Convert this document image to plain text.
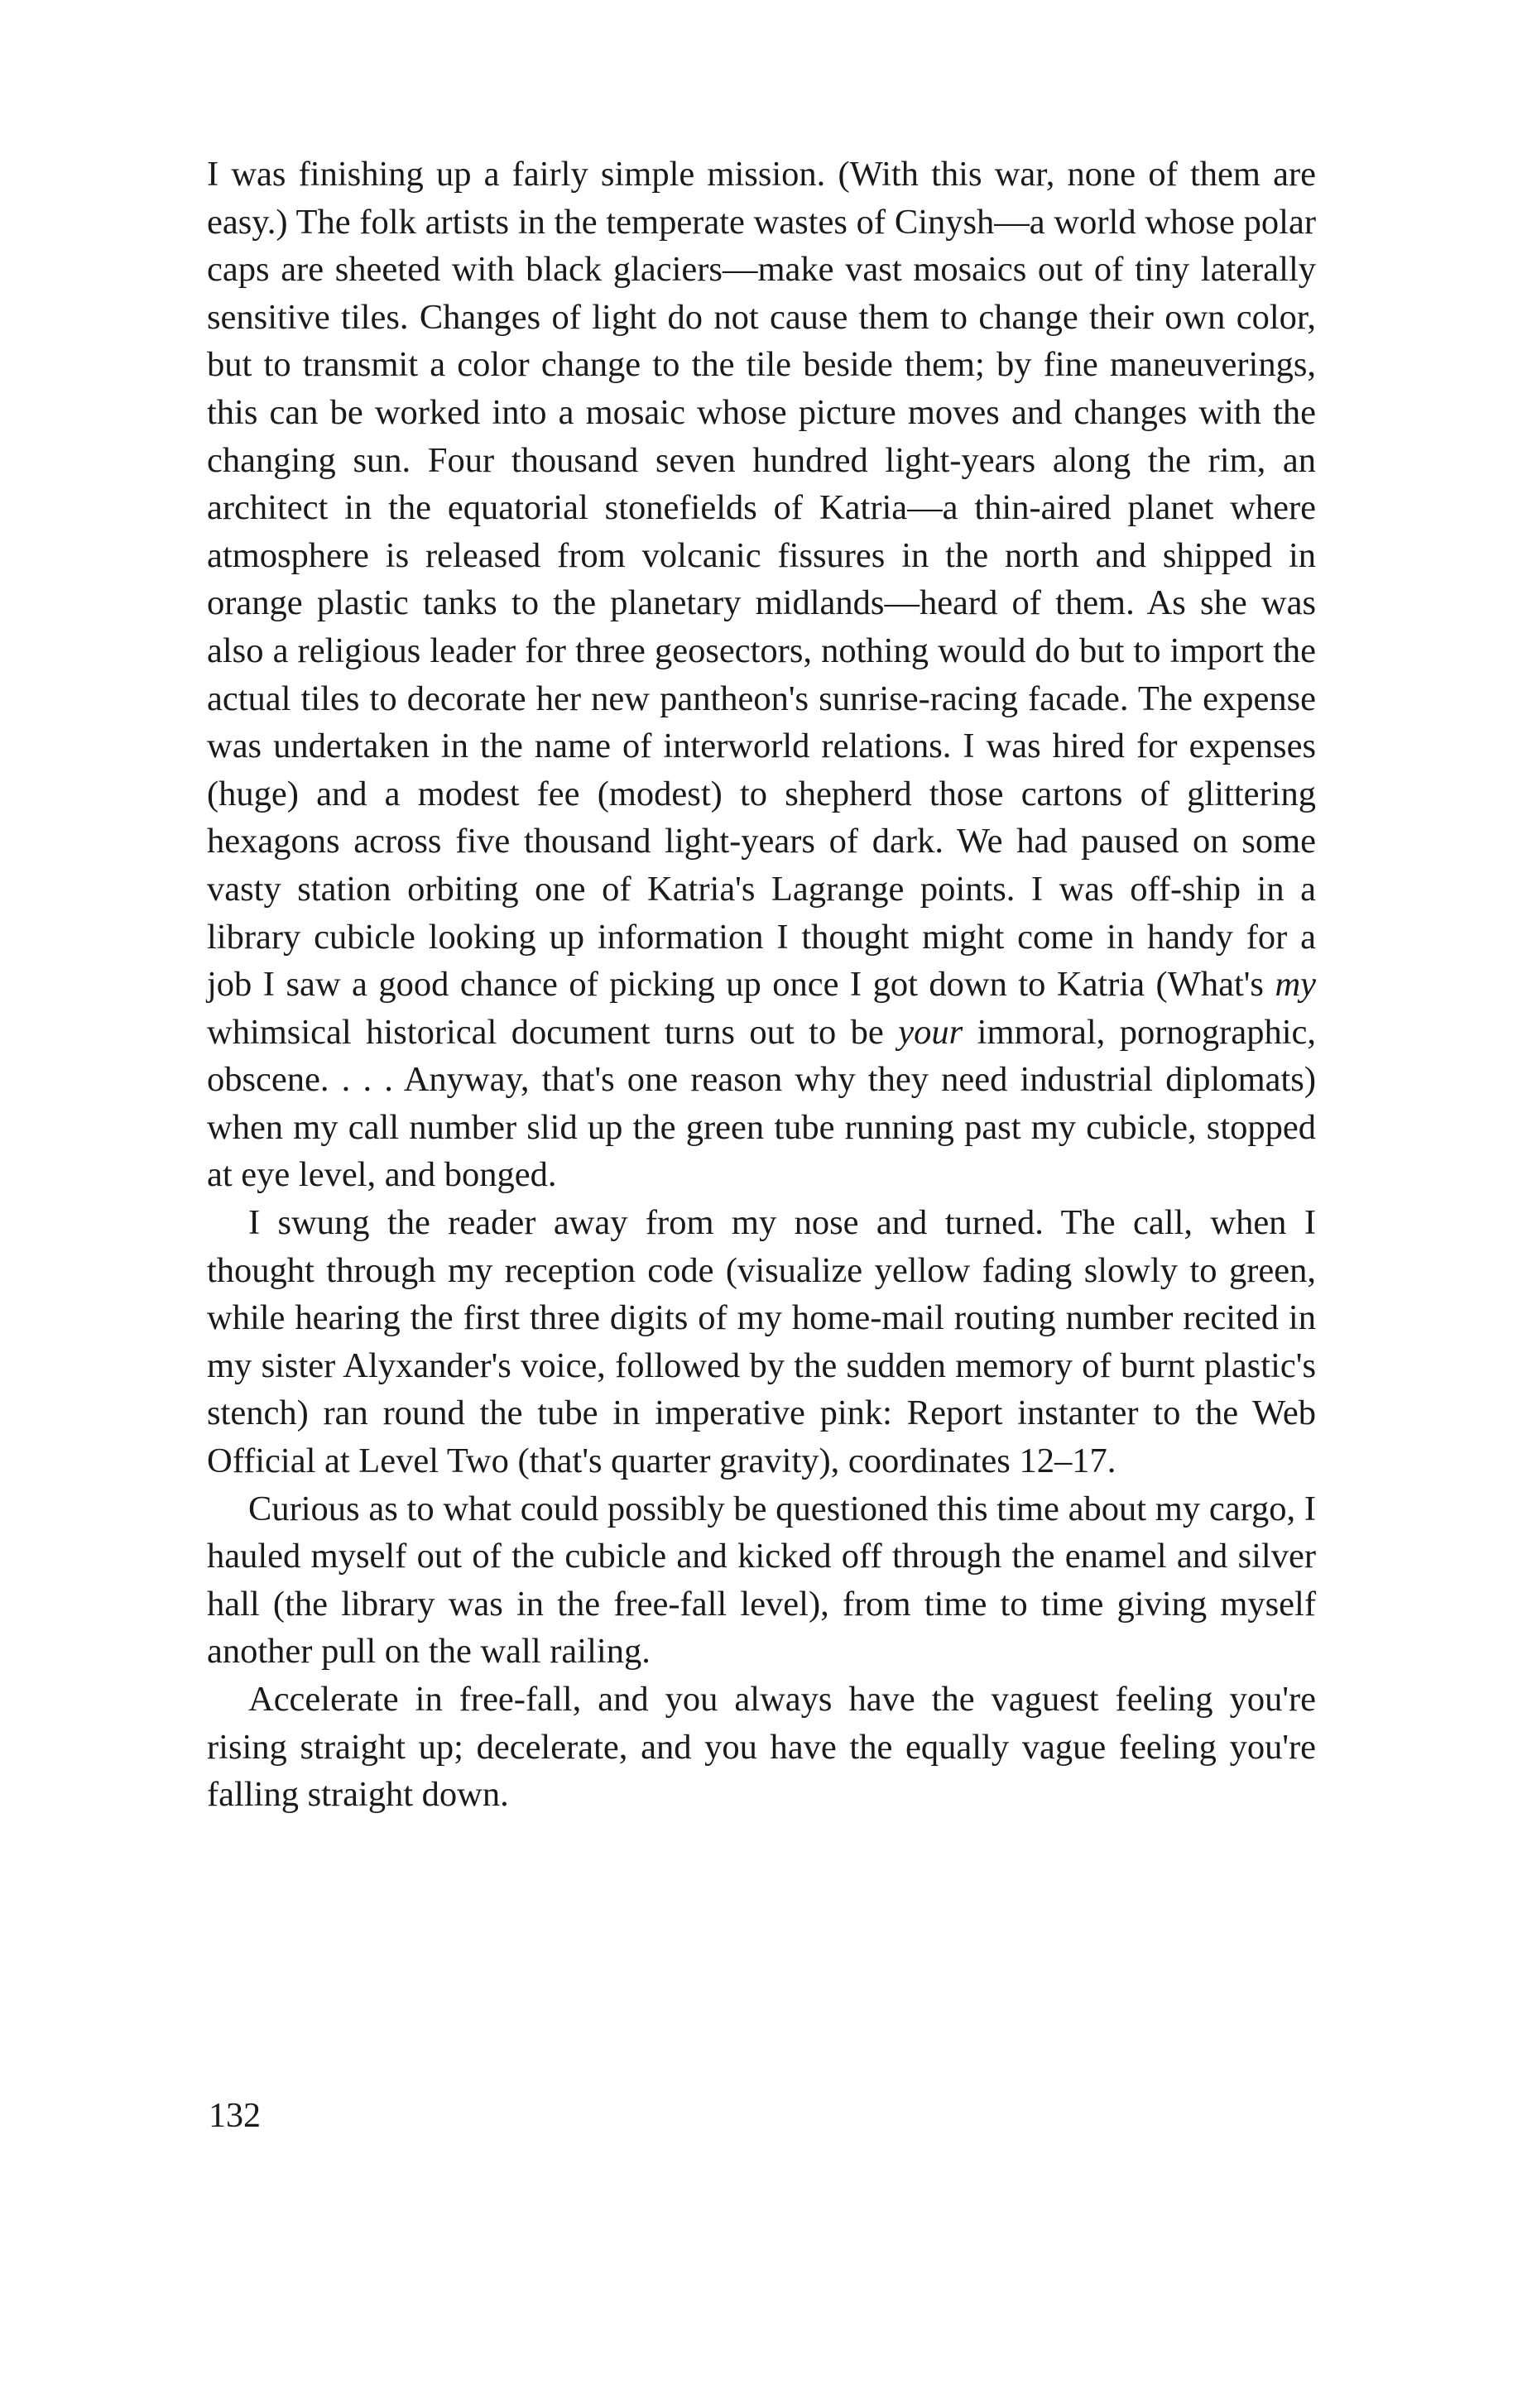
I was finishing up a fairly simple mission. (With this war, none of them are easy.) The folk artists in the temperate wastes of Cinysh—a world whose polar caps are sheeted with black glaciers—make vast mosaics out of tiny laterally sensitive tiles. Changes of light do not cause them to change their own color, but to transmit a color change to the tile beside them; by fine maneuverings, this can be worked into a mosaic whose picture moves and changes with the changing sun. Four thousand seven hundred light-years along the rim, an architect in the equatorial stonefields of Katria—a thin-aired planet where atmosphere is released from volcanic fissures in the north and shipped in orange plastic tanks to the planetary midlands—heard of them. As she was also a religious leader for three geosectors, nothing would do but to import the actual tiles to decorate her new pantheon's sunrise-racing facade. The expense was undertaken in the name of interworld relations. I was hired for expenses (huge) and a modest fee (modest) to shepherd those cartons of glittering hexagons across five thousand light-years of dark. We had paused on some vasty station orbiting one of Katria's Lagrange points. I was off-ship in a library cubicle looking up information I thought might come in handy for a job I saw a good chance of picking up once I got down to Katria (What's my whimsical historical document turns out to be your immoral, pornographic, obscene. . . . Anyway, that's one reason why they need industrial diplomats) when my call number slid up the green tube running past my cubicle, stopped at eye level, and bonged.

I swung the reader away from my nose and turned. The call, when I thought through my reception code (visualize yellow fading slowly to green, while hearing the first three digits of my home-mail routing number recited in my sister Alyxander's voice, followed by the sudden memory of burnt plastic's stench) ran round the tube in imperative pink: Report instanter to the Web Official at Level Two (that's quarter gravity), coordinates 12–17.

Curious as to what could possibly be questioned this time about my cargo, I hauled myself out of the cubicle and kicked off through the enamel and silver hall (the library was in the free-fall level), from time to time giving myself another pull on the wall railing.

Accelerate in free-fall, and you always have the vaguest feeling you're rising straight up; decelerate, and you have the equally vague feeling you're falling straight down.

132
